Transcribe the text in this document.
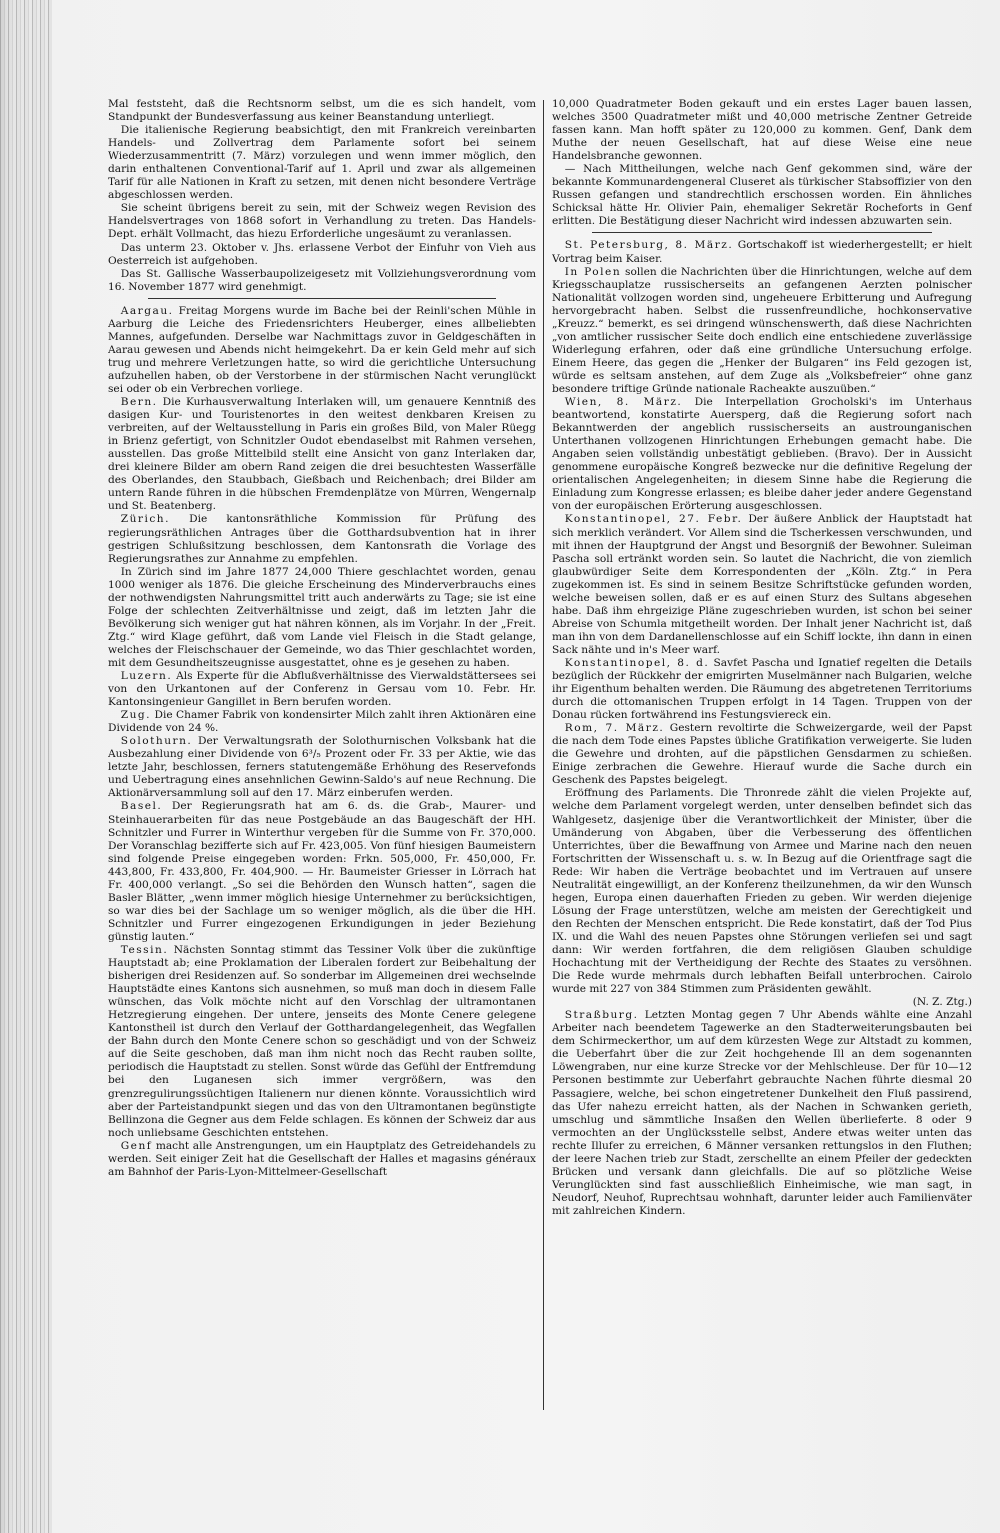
Mal feststeht, daß die Rechtsnorm selbst, um die es sich handelt, vom Standpunkt der Bundesverfassung aus keiner Beanstandung unterliegt.

Die italienische Regierung beabsichtigt, den mit Frankreich vereinbarten Handels- und Zollvertrag dem Parlamente sofort bei seinem Wiederzusammentritt (7. März) vorzulegen und wenn immer möglich, den darin enthaltenen Conventional-Tarif auf 1. April und zwar als allgemeinen Tarif für alle Nationen in Kraft zu setzen, mit denen nicht besondere Verträge abgeschlossen werden.

Sie scheint übrigens bereit zu sein, mit der Schweiz wegen Revision des Handelsvertrages von 1868 sofort in Verhandlung zu treten. Das Handels-Dept. erhält Vollmacht, das hiezu Erforderliche ungesäumt zu veranlassen.

Das unterm 23. Oktober v. Jhs. erlassene Verbot der Einfuhr von Vieh aus Oesterreich ist aufgehoben.

Das St. Gallische Wasserbaupolizeigesetz mit Vollziehungsverordnung vom 16. November 1877 wird genehmigt.

Aargau. Freitag Morgens wurde im Bache bei der Reinli'schen Mühle in Aarburg die Leiche des Friedensrichters Heuberger, eines allbeliebten Mannes, aufgefunden. Derselbe war Nachmittags zuvor in Geldgeschäften in Aarau gewesen und Abends nicht heimgekehrt. Da er kein Geld mehr auf sich trug und mehrere Verletzungen hatte, so wird die gerichtliche Untersuchung aufzuhellen haben, ob der Verstorbene in der stürmischen Nacht verunglückt sei oder ob ein Verbrechen vorliege.

Bern. Die Kurhausverwaltung Interlaken will, um genauere Kenntniß des dasigen Kur- und Touristenortes in den weitest denkbaren Kreisen zu verbreiten, auf der Weltausstellung in Paris ein großes Bild, von Maler Rüegg in Brienz gefertigt, von Schnitzler Oudot ebendaselbst mit Rahmen versehen, ausstellen. Das große Mittelbild stellt eine Ansicht von ganz Interlaken dar, drei kleinere Bilder am obern Rand zeigen die drei besuchtesten Wasserfälle des Oberlandes, den Staubbach, Gießbach und Reichenbach; drei Bilder am untern Rande führen in die hübschen Fremdenplätze von Mürren, Wengernalp und St. Beatenberg.

Zürich. Die kantonsräthliche Kommission für Prüfung des regierungsräthlichen Antrages über die Gotthardsubvention hat in ihrer gestrigen Schlußsitzung beschlossen, dem Kantonsrath die Vorlage des Regierungsrathes zur Annahme zu empfehlen.

In Zürich sind im Jahre 1877 24,000 Thiere geschlachtet worden, genau 1000 weniger als 1876. Die gleiche Erscheinung des Minderverbrauchs eines der nothwendigsten Nahrungsmittel tritt auch anderwärts zu Tage; sie ist eine Folge der schlechten Zeitverhältnisse und zeigt, daß im letzten Jahr die Bevölkerung sich weniger gut hat nähren können, als im Vorjahr. In der „Freit. Ztg.“ wird Klage geführt, daß vom Lande viel Fleisch in die Stadt gelange, welches der Fleischschauer der Gemeinde, wo das Thier geschlachtet worden, mit dem Gesundheitszeugnisse ausgestattet, ohne es je gesehen zu haben.

Luzern. Als Experte für die Abflußverhältnisse des Vierwaldstättersees sei von den Urkantonen auf der Conferenz in Gersau vom 10. Febr. Hr. Kantonsingenieur Gangillet in Bern berufen worden.

Zug. Die Chamer Fabrik von kondensirter Milch zahlt ihren Aktionären eine Dividende von 24 %.

Solothurn. Der Verwaltungsrath der Solothurnischen Volksbank hat die Ausbezahlung einer Dividende von 6³/₅ Prozent oder Fr. 33 per Aktie, wie das letzte Jahr, beschlossen, ferners statutengemäße Erhöhung des Reservefonds und Uebertragung eines ansehnlichen Gewinn-Saldo's auf neue Rechnung. Die Aktionärversammlung soll auf den 17. März einberufen werden.

Basel. Der Regierungsrath hat am 6. ds. die Grab-, Maurer- und Steinhauerarbeiten für das neue Postgebäude an das Baugeschäft der HH. Schnitzler und Furrer in Winterthur vergeben für die Summe von Fr. 370,000. Der Voranschlag bezifferte sich auf Fr. 423,005. Von fünf hiesigen Baumeistern sind folgende Preise eingegeben worden: Frkn. 505,000, Fr. 450,000, Fr. 443,800, Fr. 433,800, Fr. 404,900. — Hr. Baumeister Griesser in Lörrach hat Fr. 400,000 verlangt. „So sei die Behörden den Wunsch hatten“, sagen die Basler Blätter, „wenn immer möglich hiesige Unternehmer zu berücksichtigen, so war dies bei der Sachlage um so weniger möglich, als die über die HH. Schnitzler und Furrer eingezogenen Erkundigungen in jeder Beziehung günstig lauten.“

Tessin. Nächsten Sonntag stimmt das Tessiner Volk über die zukünftige Hauptstadt ab; eine Proklamation der Liberalen fordert zur Beibehaltung der bisherigen drei Residenzen auf. So sonderbar im Allgemeinen drei wechselnde Hauptstädte eines Kantons sich ausnehmen, so muß man doch in diesem Falle wünschen, das Volk möchte nicht auf den Vorschlag der ultramontanen Hetzregierung eingehen. Der untere, jenseits des Monte Cenere gelegene Kantonstheil ist durch den Verlauf der Gotthardangelegenheit, das Wegfallen der Bahn durch den Monte Cenere schon so geschädigt und von der Schweiz auf die Seite geschoben, daß man ihm nicht noch das Recht rauben sollte, periodisch die Hauptstadt zu stellen. Sonst würde das Gefühl der Entfremdung bei den Luganesen sich immer vergrößern, was den grenzregulirungssüchtigen Italienern nur dienen könnte. Voraussichtlich wird aber der Parteistandpunkt siegen und das von den Ultramontanen begünstigte Bellinzona die Gegner aus dem Felde schlagen. Es können der Schweiz dar aus noch unliebsame Geschichten entstehen.

Genf macht alle Anstrengungen, um ein Hauptplatz des Getreidehandels zu werden. Seit einiger Zeit hat die Gesellschaft der Halles et magasins généraux am Bahnhof der Paris-Lyon-Mittelmeer-Gesellschaft

10,000 Quadratmeter Boden gekauft und ein erstes Lager bauen lassen, welches 3500 Quadratmeter mißt und 40,000 metrische Zentner Getreide fassen kann. Man hofft später zu 120,000 zu kommen. Genf, Dank dem Muthe der neuen Gesellschaft, hat auf diese Weise eine neue Handelsbranche gewonnen.

— Nach Mittheilungen, welche nach Genf gekommen sind, wäre der bekannte Kommunardengeneral Cluseret als türkischer Stabsoffizier von den Russen gefangen und standrechtlich erschossen worden. Ein ähnliches Schicksal hätte Hr. Olivier Pain, ehemaliger Sekretär Rocheforts in Genf erlitten. Die Bestätigung dieser Nachricht wird indessen abzuwarten sein.

St. Petersburg, 8. März. Gortschakoff ist wiederhergestellt; er hielt Vortrag beim Kaiser.

In Polen sollen die Nachrichten über die Hinrichtungen, welche auf dem Kriegsschauplatze russischerseits an gefangenen Aerzten polnischer Nationalität vollzogen worden sind, ungeheuere Erbitterung und Aufregung hervorgebracht haben. Selbst die russenfreundliche, hochkonservative „Kreuzz.“ bemerkt, es sei dringend wünschenswerth, daß diese Nachrichten „von amtlicher russischer Seite doch endlich eine entschiedene zuverlässige Widerlegung erfahren, oder daß eine gründliche Untersuchung erfolge. Einem Heere, das gegen die „Henker der Bulgaren“ ins Feld gezogen ist, würde es seltsam anstehen, auf dem Zuge als „Volksbefreier“ ohne ganz besondere triftige Gründe nationale Racheakte auszuüben.“

Wien, 8. März. Die Interpellation Grocholski's im Unterhaus beantwortend, konstatirte Auersperg, daß die Regierung sofort nach Bekanntwerden der angeblich russischerseits an austrounganischen Unterthanen vollzogenen Hinrichtungen Erhebungen gemacht habe. Die Angaben seien vollständig unbestätigt geblieben. (Bravo). Der in Aussicht genommene europäische Kongreß bezwecke nur die definitive Regelung der orientalischen Angelegenheiten; in diesem Sinne habe die Regierung die Einladung zum Kongresse erlassen; es bleibe daher jeder andere Gegenstand von der europäischen Erörterung ausgeschlossen.

Konstantinopel, 27. Febr. Der äußere Anblick der Hauptstadt hat sich merklich verändert. Vor Allem sind die Tscherkessen verschwunden, und mit ihnen der Hauptgrund der Angst und Besorgniß der Bewohner. Suleiman Pascha soll ertränkt worden sein. So lautet die Nachricht, die von ziemlich glaubwürdiger Seite dem Korrespondenten der „Köln. Ztg.“ in Pera zugekommen ist. Es sind in seinem Besitze Schriftstücke gefunden worden, welche beweisen sollen, daß er es auf einen Sturz des Sultans abgesehen habe. Daß ihm ehrgeizige Pläne zugeschrieben wurden, ist schon bei seiner Abreise von Schumla mitgetheilt worden. Der Inhalt jener Nachricht ist, daß man ihn von dem Dardanellenschlosse auf ein Schiff lockte, ihn dann in einen Sack nähte und in's Meer warf.

Konstantinopel, 8. d. Savfet Pascha und Ignatief regelten die Details bezüglich der Rückkehr der emigrirten Muselmänner nach Bulgarien, welche ihr Eigenthum behalten werden. Die Räumung des abgetretenen Territoriums durch die ottomanischen Truppen erfolgt in 14 Tagen. Truppen von der Donau rücken fortwährend ins Festungsviereck ein.

Rom, 7. März. Gestern revoltirte die Schweizergarde, weil der Papst die nach dem Tode eines Papstes übliche Gratifikation verweigerte. Sie luden die Gewehre und drohten, auf die päpstlichen Gensdarmen zu schießen. Einige zerbrachen die Gewehre. Hierauf wurde die Sache durch ein Geschenk des Papstes beigelegt.

Eröffnung des Parlaments. Die Thronrede zählt die vielen Projekte auf, welche dem Parlament vorgelegt werden, unter denselben befindet sich das Wahlgesetz, dasjenige über die Verantwortlichkeit der Minister, über die Umänderung von Abgaben, über die Verbesserung des öffentlichen Unterrichtes, über die Bewaffnung von Armee und Marine nach den neuen Fortschritten der Wissenschaft u. s. w. In Bezug auf die Orientfrage sagt die Rede: Wir haben die Verträge beobachtet und im Vertrauen auf unsere Neutralität eingewilligt, an der Konferenz theilzunehmen, da wir den Wunsch hegen, Europa einen dauerhaften Frieden zu geben. Wir werden diejenige Lösung der Frage unterstützen, welche am meisten der Gerechtigkeit und den Rechten der Menschen entspricht. Die Rede konstatirt, daß der Tod Pius IX. und die Wahl des neuen Papstes ohne Störungen verliefen sei und sagt dann: Wir werden fortfahren, die dem religiösen Glauben schuldige Hochachtung mit der Vertheidigung der Rechte des Staates zu versöhnen. Die Rede wurde mehrmals durch lebhaften Beifall unterbrochen. Cairolo wurde mit 227 von 384 Stimmen zum Präsidenten gewählt.

(N. Z. Ztg.)

Straßburg. Letzten Montag gegen 7 Uhr Abends wählte eine Anzahl Arbeiter nach beendetem Tagewerke an den Stadterweiterungsbauten bei dem Schirmeckerthor, um auf dem kürzesten Wege zur Altstadt zu kommen, die Ueberfahrt über die zur Zeit hochgehende Ill an dem sogenannten Löwengraben, nur eine kurze Strecke vor der Mehlschleuse. Der für 10—12 Personen bestimmte zur Ueberfahrt gebrauchte Nachen führte diesmal 20 Passagiere, welche, bei schon eingetretener Dunkelheit den Fluß passirend, das Ufer nahezu erreicht hatten, als der Nachen in Schwanken gerieth, umschlug und sämmtliche Insaßen den Wellen überlieferte. 8 oder 9 vermochten an der Unglücksstelle selbst, Andere etwas weiter unten das rechte Illufer zu erreichen, 6 Männer versanken rettungslos in den Fluthen; der leere Nachen trieb zur Stadt, zerschellte an einem Pfeiler der gedeckten Brücken und versank dann gleichfalls. Die auf so plötzliche Weise Verunglückten sind fast ausschließlich Einheimische, wie man sagt, in Neudorf, Neuhof, Ruprechtsau wohnhaft, darunter leider auch Familienväter mit zahlreichen Kindern.
